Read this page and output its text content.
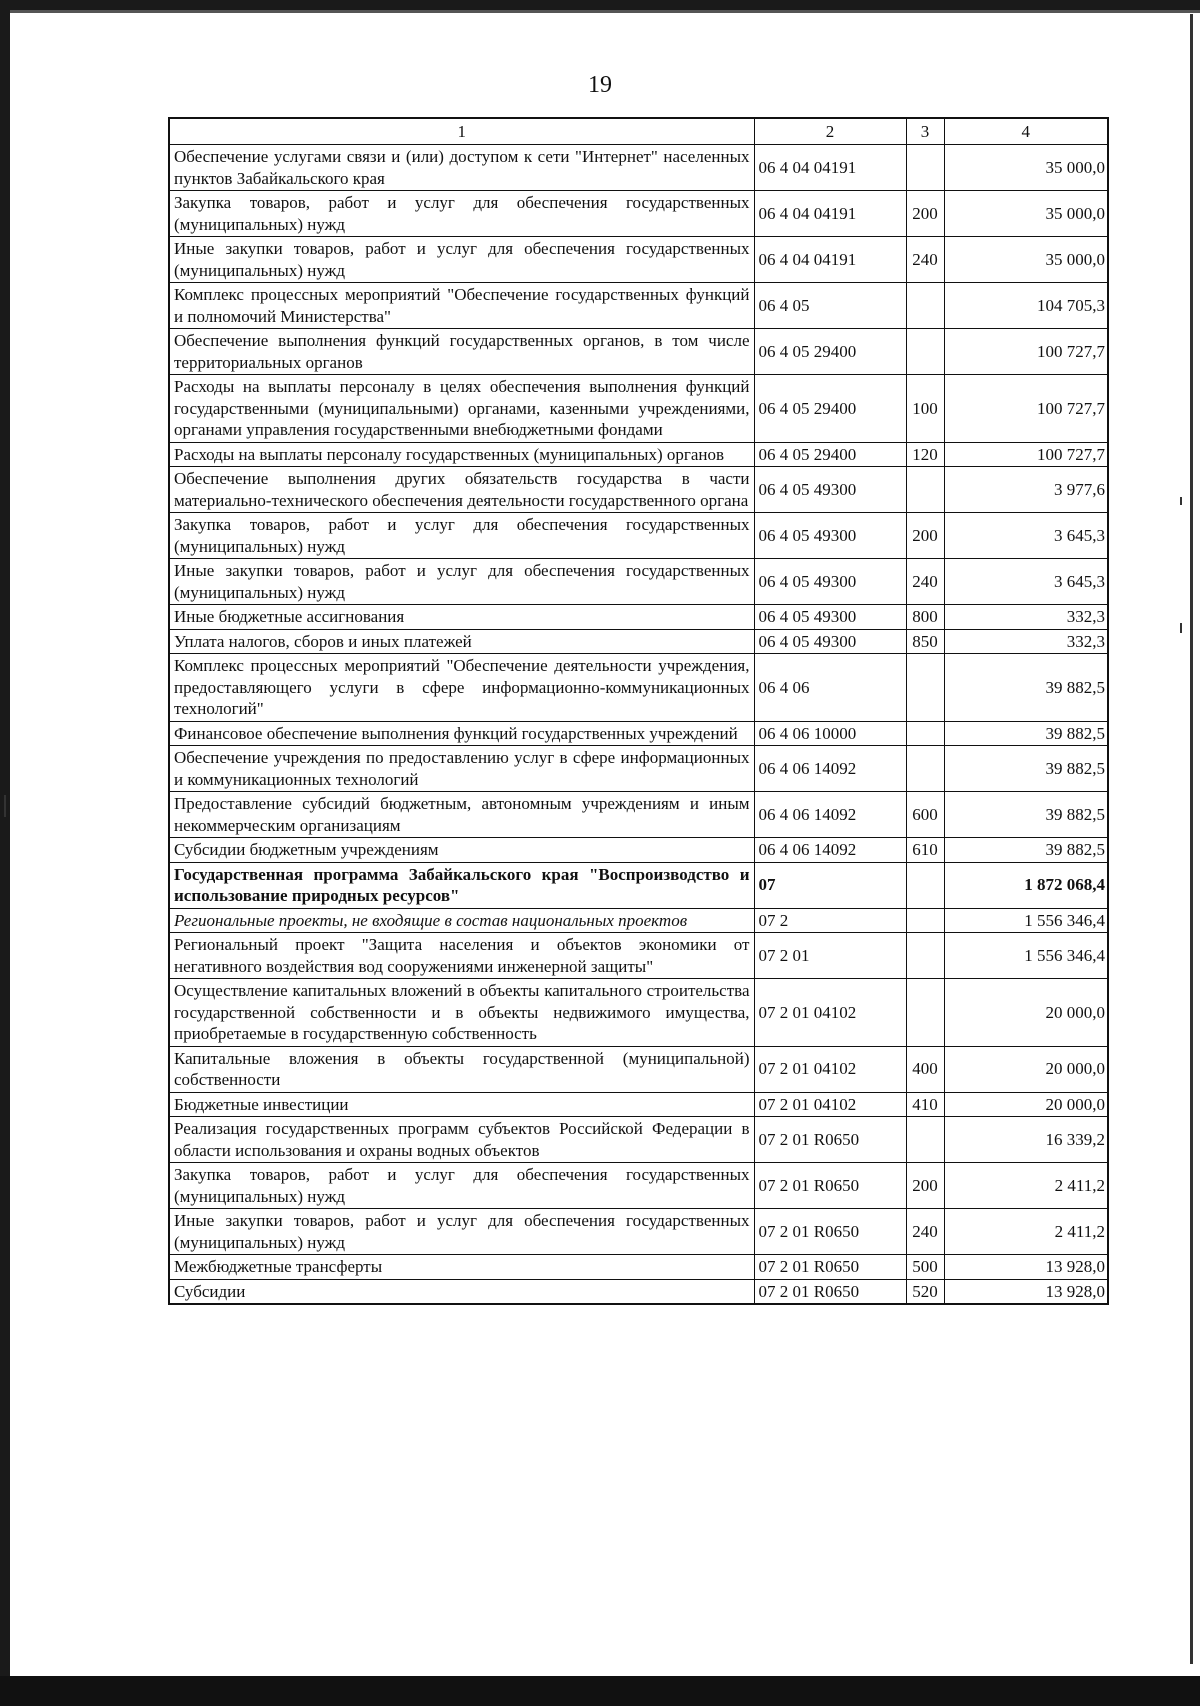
19
1	2	3	4
Обеспечение услугами связи и (или) доступом к сети "Интернет" населенных пунктов Забайкальского края	06 4 04 04191		35 000,0
Закупка товаров, работ и услуг для обеспечения государственных (муниципальных) нужд	06 4 04 04191	200	35 000,0
Иные закупки товаров, работ и услуг для обеспечения государственных (муниципальных) нужд	06 4 04 04191	240	35 000,0
Комплекс процессных мероприятий "Обеспечение государственных функций и полномочий Министерства"	06 4 05		104 705,3
Обеспечение выполнения функций государственных органов, в том числе территориальных органов	06 4 05 29400		100 727,7
Расходы на выплаты персоналу в целях обеспечения выполнения функций государственными (муниципальными) органами, казенными учреждениями, органами управления государственными внебюджетными фондами	06 4 05 29400	100	100 727,7
Расходы на выплаты персоналу государственных (муниципальных) органов	06 4 05 29400	120	100 727,7
Обеспечение выполнения других обязательств государства в части материально-технического обеспечения деятельности государственного органа	06 4 05 49300		3 977,6
Закупка товаров, работ и услуг для обеспечения государственных (муниципальных) нужд	06 4 05 49300	200	3 645,3
Иные закупки товаров, работ и услуг для обеспечения государственных (муниципальных) нужд	06 4 05 49300	240	3 645,3
Иные бюджетные ассигнования	06 4 05 49300	800	332,3
Уплата налогов, сборов и иных платежей	06 4 05 49300	850	332,3
Комплекс процессных мероприятий "Обеспечение деятельности учреждения, предоставляющего услуги в сфере информационно-коммуникационных технологий"	06 4 06		39 882,5
Финансовое обеспечение выполнения функций государственных учреждений	06 4 06 10000		39 882,5
Обеспечение учреждения по предоставлению услуг в сфере информационных и коммуникационных технологий	06 4 06 14092		39 882,5
Предоставление субсидий бюджетным, автономным учреждениям и иным некоммерческим организациям	06 4 06 14092	600	39 882,5
Субсидии бюджетным учреждениям	06 4 06 14092	610	39 882,5
Государственная программа Забайкальского края "Воспроизводство и использование природных ресурсов"	07		1 872 068,4
Региональные проекты, не входящие в состав национальных проектов	07 2		1 556 346,4
Региональный проект "Защита населения и объектов экономики от негативного воздействия вод сооружениями инженерной защиты"	07 2 01		1 556 346,4
Осуществление капитальных вложений в объекты капитального строительства государственной собственности и в объекты недвижимого имущества, приобретаемые в государственную собственность	07 2 01 04102		20 000,0
Капитальные вложения в объекты государственной (муниципальной) собственности	07 2 01 04102	400	20 000,0
Бюджетные инвестиции	07 2 01 04102	410	20 000,0
Реализация государственных программ субъектов Российской Федерации в области использования и охраны водных объектов	07 2 01 R0650		16 339,2
Закупка товаров, работ и услуг для обеспечения государственных (муниципальных) нужд	07 2 01 R0650	200	2 411,2
Иные закупки товаров, работ и услуг для обеспечения государственных (муниципальных) нужд	07 2 01 R0650	240	2 411,2
Межбюджетные трансферты	07 2 01 R0650	500	13 928,0
Субсидии	07 2 01 R0650	520	13 928,0
